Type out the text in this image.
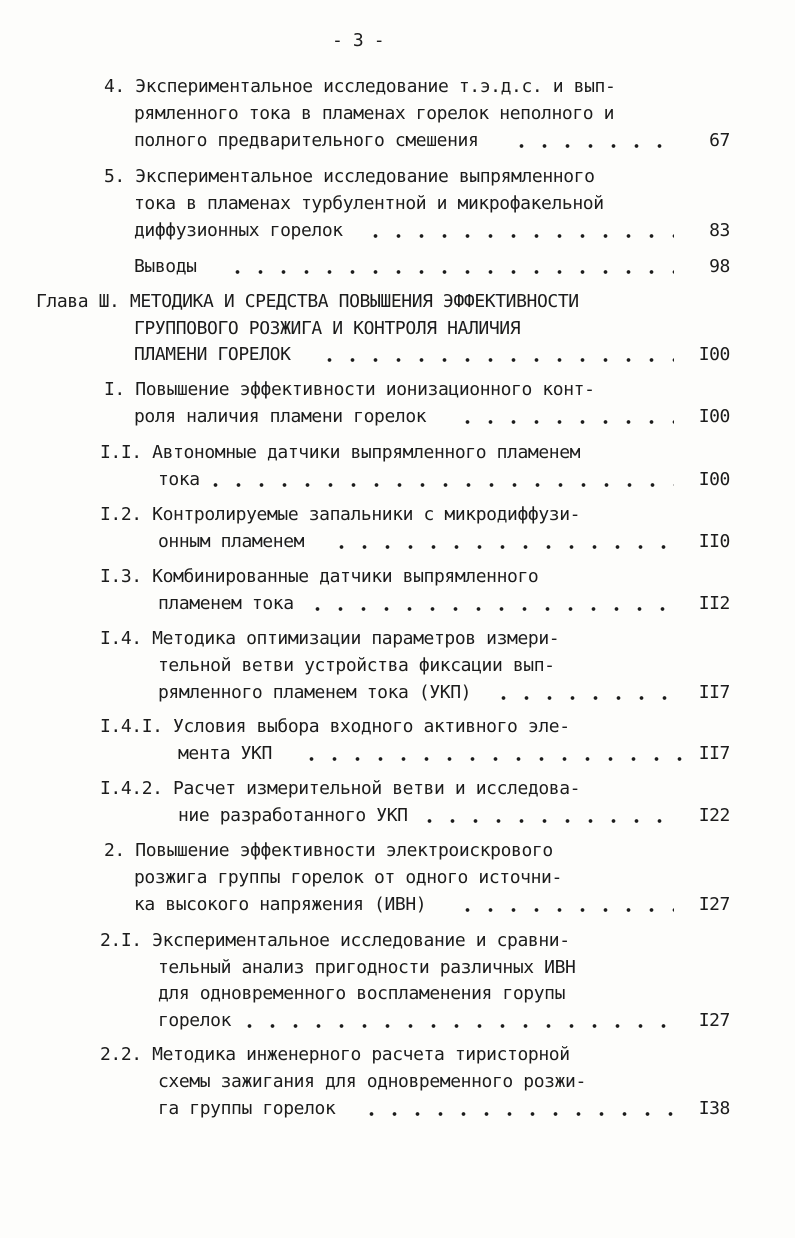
- 3 -
4. Экспериментальное исследование т.э.д.с. и вып-
рямленного тока в пламенах горелок неполного и
полного предварительного смешения	67
5. Экспериментальное исследование выпрямленного
тока в пламенах турбулентной и микрофакельной
диффузионных горелок	83
Выводы	98
Глава Ш. МЕТОДИКА И СРЕДСТВА ПОВЫШЕНИЯ ЭФФЕКТИВНОСТИ
ГРУППОВОГО РОЗЖИГА И КОНТРОЛЯ НАЛИЧИЯ
ПЛАМЕНИ ГОРЕЛОК	I00
I. Повышение эффективности ионизационного конт-
роля наличия пламени горелок	I00
I.I. Автономные датчики выпрямленного пламенем
тока	I00
I.2. Контролируемые запальники с микродиффузи-
онным пламенем	II0
I.3. Комбинированные датчики выпрямленного
пламенем тока	II2
I.4. Методика оптимизации параметров измери-
тельной ветви устройства фиксации вып-
рямленного пламенем тока (УКП)	II7
I.4.I. Условия выбора входного активного эле-
мента УКП	II7
I.4.2. Расчет измерительной ветви и исследова-
ние разработанного УКП	I22
2. Повышение эффективности электроискрового
розжига группы горелок от одного источни-
ка высокого напряжения (ИВН)	I27
2.I. Экспериментальное исследование и сравни-
тельный анализ пригодности различных ИВН
для одновременного воспламенения горупы
горелок	I27
2.2. Методика инженерного расчета тиристорной
схемы зажигания для одновременного розжи-
га группы горелок	I38
